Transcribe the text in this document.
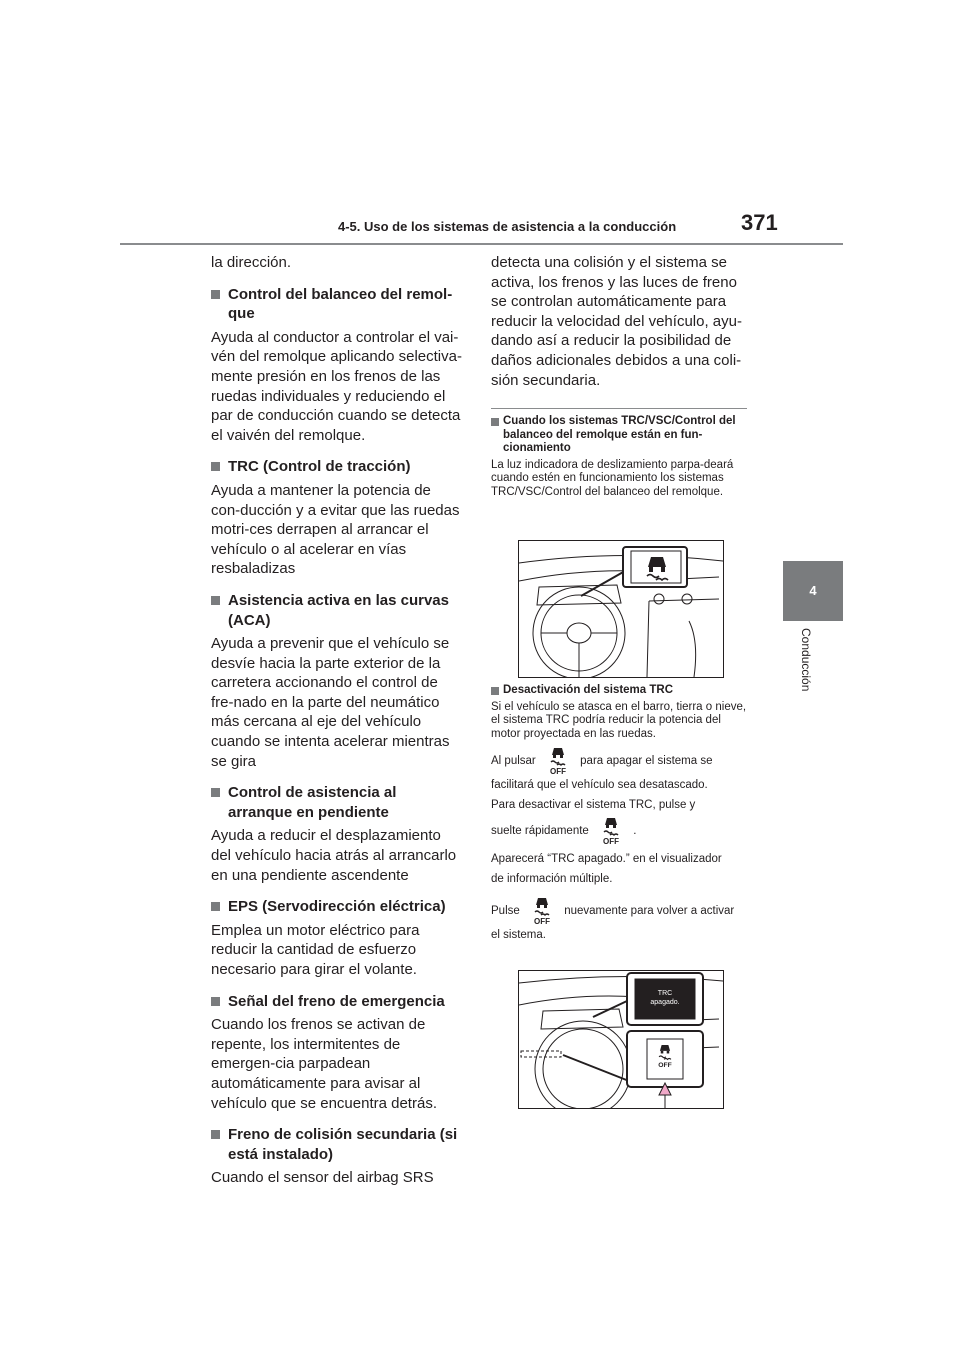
4-5. Uso de los sistemas de asistencia a la conducción	371
4
Conducción

la dirección.

Control del balanceo del remol-que

Ayuda al conductor a controlar el vai-vén del remolque aplicando selectiva-mente presión en los frenos de las ruedas individuales y reduciendo el par de conducción cuando se detecta el vaivén del remolque.

TRC (Control de tracción)

Ayuda a mantener la potencia de con-ducción y a evitar que las ruedas motri-ces derrapen al arrancar el vehículo o al acelerar en vías resbaladizas

Asistencia activa en las curvas (ACA)

Ayuda a prevenir que el vehículo se desvíe hacia la parte exterior de la carretera accionando el control de fre-nado en la parte del neumático más cercana al eje del vehículo cuando se intenta acelerar mientras se gira

Control de asistencia al arranque en pendiente

Ayuda a reducir el desplazamiento del vehículo hacia atrás al arrancarlo en una pendiente ascendente

EPS (Servodirección eléctrica)

Emplea un motor eléctrico para reducir la cantidad de esfuerzo necesario para girar el volante.

Señal del freno de emergencia

Cuando los frenos se activan de repente, los intermitentes de emergen-cia parpadean automáticamente para avisar al vehículo que se encuentra detrás.

Freno de colisión secundaria (si está instalado)

Cuando el sensor del airbag SRS

detecta una colisión y el sistema se activa, los frenos y las luces de freno se controlan automáticamente para reducir la velocidad del vehículo, ayu-dando así a reducir la posibilidad de daños adicionales debidos a una coli-sión secundaria.

Cuando los sistemas TRC/VSC/Control del balanceo del remolque están en fun-cionamiento

La luz indicadora de deslizamiento parpa-deará cuando estén en funcionamiento los sistemas TRC/VSC/Control del balanceo del remolque.

Desactivación del sistema TRC

Si el vehículo se atasca en el barro, tierra o nieve, el sistema TRC podría reducir la potencia del motor proyectada en las ruedas.

Al pulsar
OFF
para apagar el sistema se

facilitará que el vehículo sea desatascado.

Para desactivar el sistema TRC, pulse y

suelte rápidamente
OFF
.

Aparecerá “TRC apagado.” en el visualizador

de información múltiple.

Pulse
OFF
nuevamente para volver a activar

el sistema.

TRC
apagado.
OFF
